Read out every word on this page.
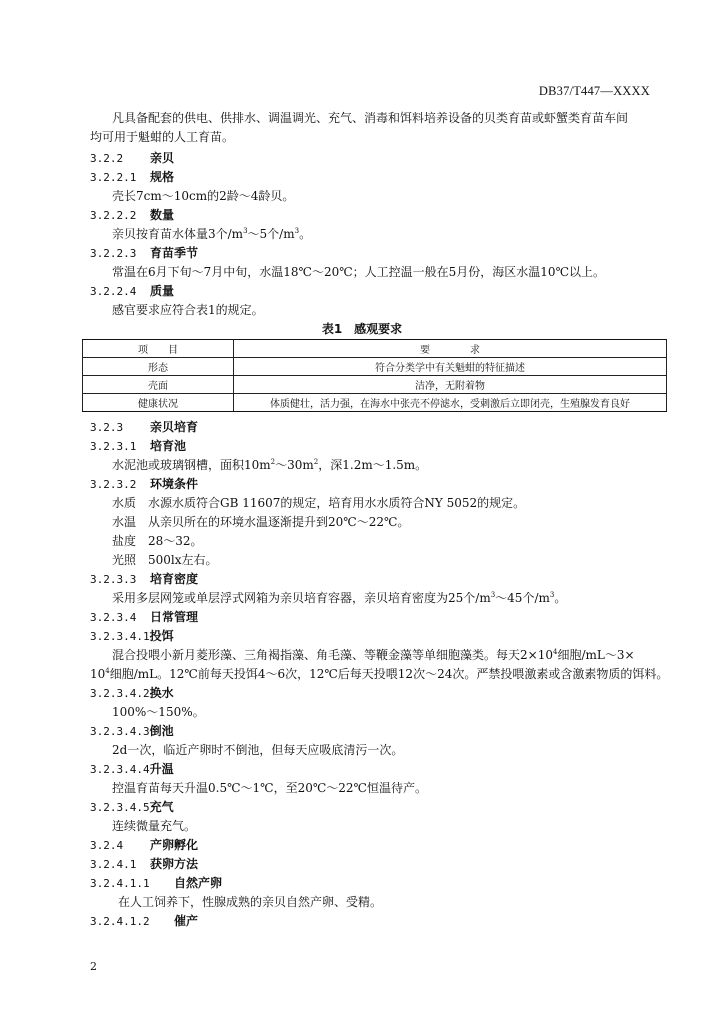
DB37/T447—XXXX
凡具备配套的供电、供排水、调温调光、充气、消毒和饵料培养设备的贝类育苗或虾蟹类育苗车间
均可用于魁蚶的人工育苗。
3.2.2 亲贝
3.2.2.1 规格
壳长7cm～10cm的2龄～4龄贝。
3.2.2.2 数量
亲贝按育苗水体量3个$/m^3\sim 5$个$/m^3$。
3.2.2.3 育苗季节
常温在6月下旬～7月中旬，水温18℃～20℃；人工控温一般在5月份，海区水温10℃以上。
3.2.2.4 质量
感官要求应符合表1的规定。
表1　感观要求
项　　目	要　　　　求
形态	符合分类学中有关魁蚶的特征描述
壳面	洁净，无附着物
健康状况	体质健壮，活力强，在海水中张壳不停滤水，受刺激后立即闭壳，生殖腺发育良好
3.2.3 亲贝培育
3.2.3.1 培育池
水泥池或玻璃钢槽，面积$10m^2\sim 30m^2$，深1.2m～1.5m。
3.2.3.2 环境条件
水质　水源水质符合GB 11607的规定，培育用水水质符合NY 5052的规定。
水温　从亲贝所在的环境水温逐渐提升到20℃～22℃。
盐度　28～32。
光照　500lx左右。
3.2.3.3 培育密度
采用多层网笼或单层浮式网箱为亲贝培育容器，亲贝培育密度为25个$/m^3\sim 45$个$/m^3$。
3.2.3.4 日常管理
3.2.3.4.1投饵
混合投喂小新月菱形藻、三角褐指藻、角毛藻、等鞭金藻等单细胞藻类。每天$2\times 10^4$细胞/mL～3×
$10^4$细胞/mL。12℃前每天投饵4～6次，12℃后每天投喂12次～24次。严禁投喂激素或含激素物质的饵料。
3.2.3.4.2换水
100%～150%。
3.2.3.4.3倒池
2d一次，临近产卵时不倒池，但每天应吸底清污一次。
3.2.3.4.4升温
控温育苗每天升温0.5℃～1℃，至20℃～22℃恒温待产。
3.2.3.4.5充气
连续微量充气。
3.2.4 产卵孵化
3.2.4.1 获卵方法
3.2.4.1.1 自然产卵
在人工饲养下，性腺成熟的亲贝自然产卵、受精。
3.2.4.1.2 催产
2
